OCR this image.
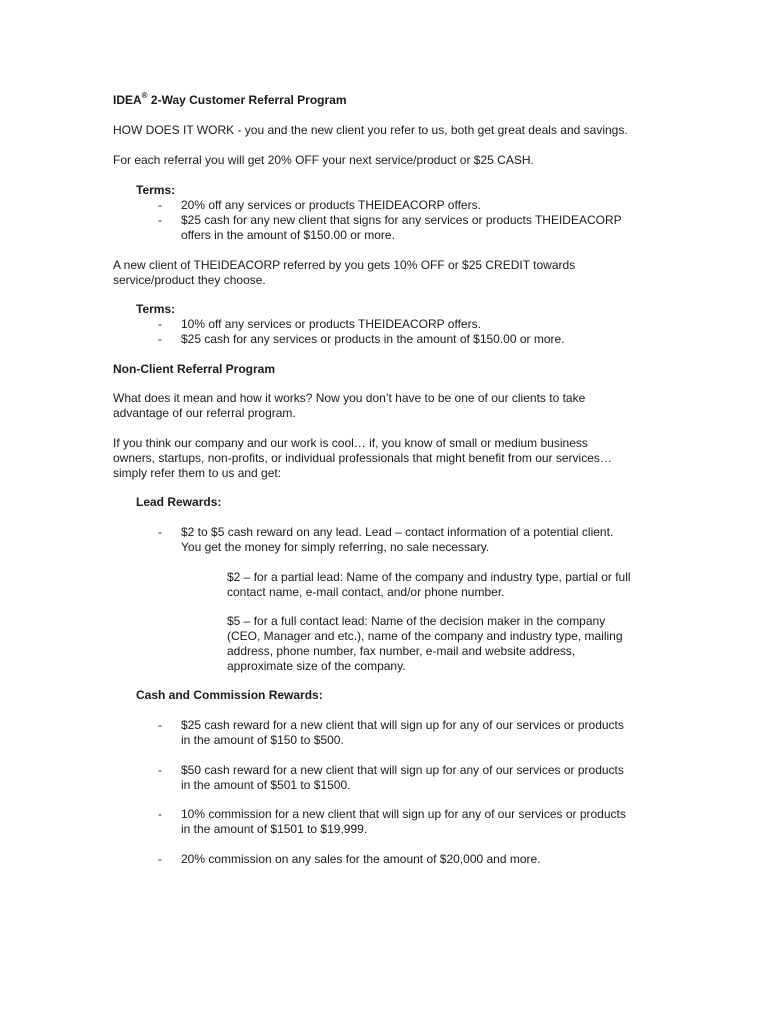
IDEA® 2-Way Customer Referral Program
HOW DOES IT WORK - you and the new client you refer to us, both get great deals and savings.
For each referral you will get 20% OFF your next service/product or $25 CASH.
Terms:
- 20% off any services or products THEIDEACORP offers.
- $25 cash for any new client that signs for any services or products THEIDEACORP
offers in the amount of $150.00 or more.
A new client of THEIDEACORP referred by you gets 10% OFF or $25 CREDIT towards
service/product they choose.
Terms:
- 10% off any services or products THEIDEACORP offers.
- $25 cash for any services or products in the amount of $150.00 or more.
Non-Client Referral Program
What does it mean and how it works? Now you don’t have to be one of our clients to take
advantage of our referral program.
If you think our company and our work is cool… if, you know of small or medium business
owners, startups, non-profits, or individual professionals that might benefit from our services…
simply refer them to us and get:
Lead Rewards:
- $2 to $5 cash reward on any lead. Lead – contact information of a potential client.
You get the money for simply referring, no sale necessary.
$2 – for a partial lead: Name of the company and industry type, partial or full
contact name, e-mail contact, and/or phone number.
$5 – for a full contact lead: Name of the decision maker in the company
(CEO, Manager and etc.), name of the company and industry type, mailing
address, phone number, fax number, e-mail and website address,
approximate size of the company.
Cash and Commission Rewards:
- $25 cash reward for a new client that will sign up for any of our services or products
in the amount of $150 to $500.
- $50 cash reward for a new client that will sign up for any of our services or products
in the amount of $501 to $1500.
- 10% commission for a new client that will sign up for any of our services or products
in the amount of $1501 to $19,999.
- 20% commission on any sales for the amount of $20,000 and more.
